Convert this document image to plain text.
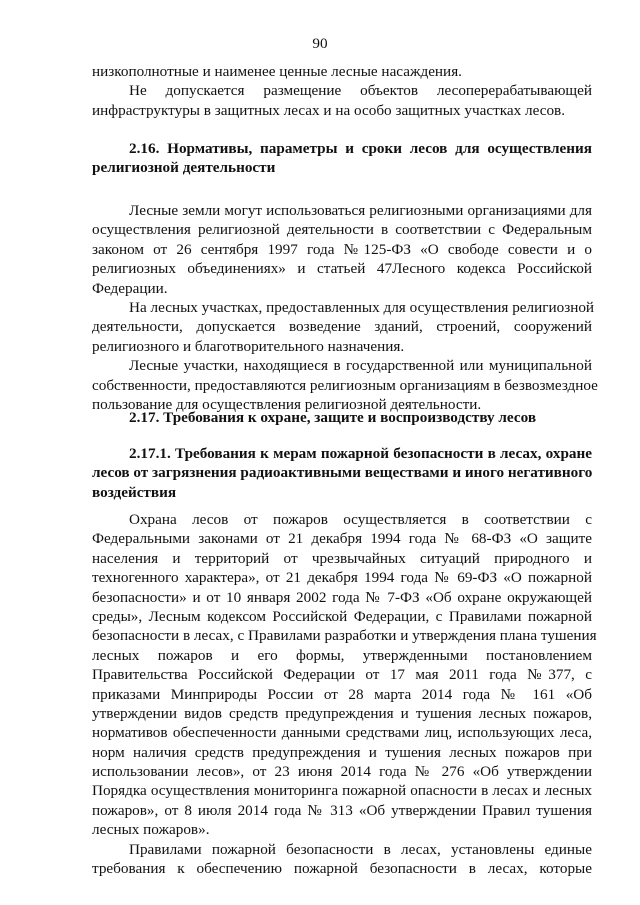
90
низкополнотные и наименее ценные лесные насаждения.
Не допускается размещение объектов лесоперерабатывающей
инфраструктуры в защитных лесах и на особо защитных участках лесов.
2.16. Нормативы, параметры и сроки лесов для осуществления
религиозной деятельности
Лесные земли могут использоваться религиозными организациями для
осуществления религиозной деятельности в соответствии с Федеральным
законом от 26 сентября 1997 года №125-ФЗ «О свободе совести и о
религиозных объединениях» и статьей 47Лесного кодекса Российской
Федерации.
На лесных участках, предоставленных для осуществления религиозной
деятельности, допускается возведение зданий, строений, сооружений
религиозного и благотворительного назначения.
Лесные участки, находящиеся в государственной или муниципальной
собственности, предоставляются религиозным организациям в безвозмездное
пользование для осуществления религиозной деятельности.
2.17. Требования к охране, защите и воспроизводству лесов
2.17.1. Требования к мерам пожарной безопасности в лесах, охране
лесов от загрязнения радиоактивными веществами и иного негативного
воздействия
Охрана лесов от пожаров осуществляется в соответствии с
Федеральными законами от 21 декабря 1994 года № 68-ФЗ «О защите
населения и территорий от чрезвычайных ситуаций природного и
техногенного характера», от 21 декабря 1994 года № 69-ФЗ «О пожарной
безопасности» и от 10 января 2002 года № 7-ФЗ «Об охране окружающей
среды», Лесным кодексом Российской Федерации, с Правилами пожарной
безопасности в лесах, с Правилами разработки и утверждения плана тушения
лесных пожаров и его формы, утвержденными постановлением
Правительства Российской Федерации от 17 мая 2011 года №377, с
приказами Минприроды России от 28 марта 2014 года № 161 «Об
утверждении видов средств предупреждения и тушения лесных пожаров,
нормативов обеспеченности данными средствами лиц, использующих леса,
норм наличия средств предупреждения и тушения лесных пожаров при
использовании лесов», от 23 июня 2014 года № 276 «Об утверждении
Порядка осуществления мониторинга пожарной опасности в лесах и лесных
пожаров», от 8 июля 2014 года № 313 «Об утверждении Правил тушения
лесных пожаров».
Правилами пожарной безопасности в лесах, установлены единые
требования к обеспечению пожарной безопасности в лесах, которые
